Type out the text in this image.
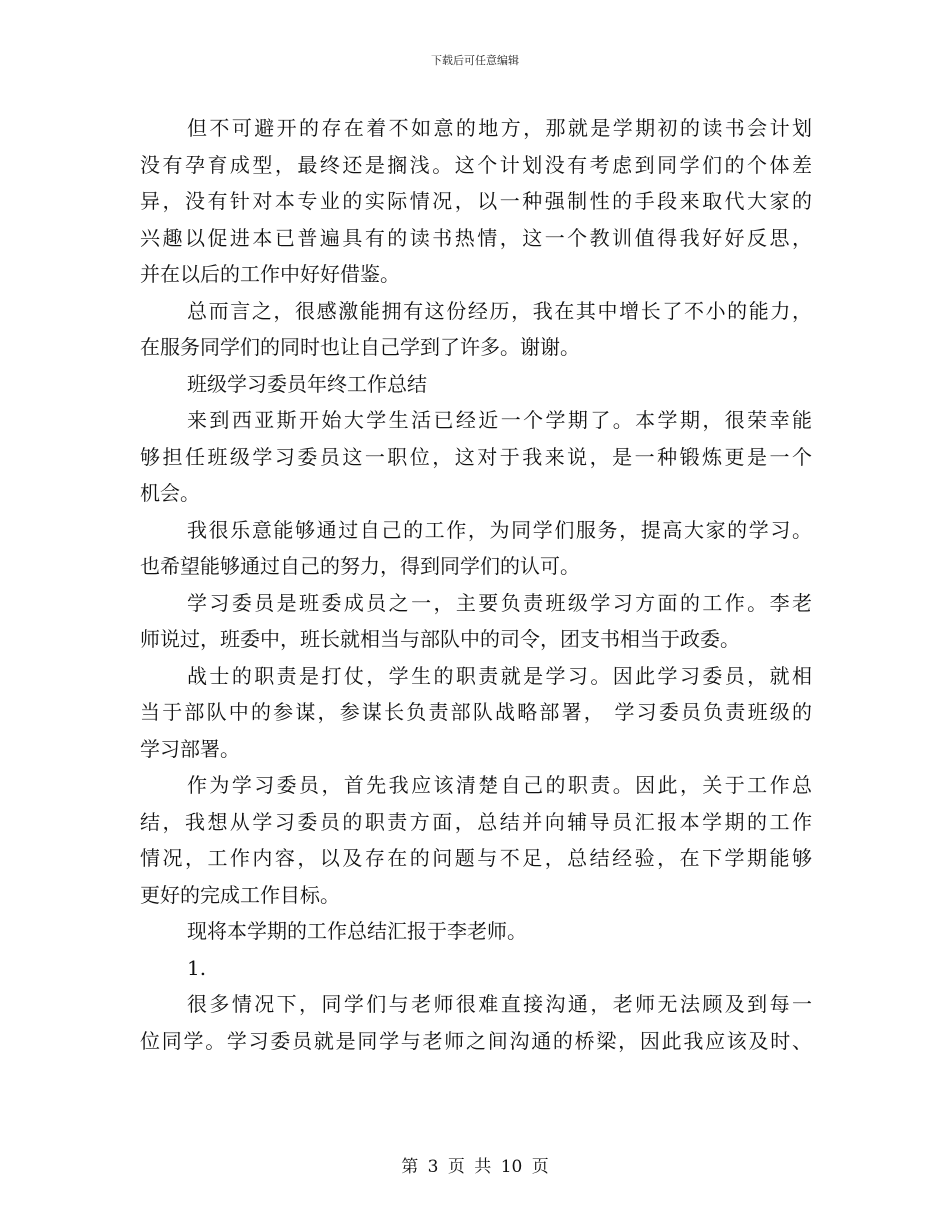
下载后可任意编辑
但不可避开的存在着不如意的地方，那就是学期初的读书会计划
没有孕育成型，最终还是搁浅。这个计划没有考虑到同学们的个体差
异，没有针对本专业的实际情况，以一种强制性的手段来取代大家的
兴趣以促进本已普遍具有的读书热情，这一个教训值得我好好反思，
并在以后的工作中好好借鉴。
总而言之，很感激能拥有这份经历，我在其中增长了不小的能力，
在服务同学们的同时也让自己学到了许多。谢谢。
班级学习委员年终工作总结
来到西亚斯开始大学生活已经近一个学期了。本学期，很荣幸能
够担任班级学习委员这一职位，这对于我来说，是一种锻炼更是一个
机会。
我很乐意能够通过自己的工作，为同学们服务，提高大家的学习。
也希望能够通过自己的努力，得到同学们的认可。
学习委员是班委成员之一，主要负责班级学习方面的工作。李老
师说过，班委中，班长就相当与部队中的司令，团支书相当于政委。
战士的职责是打仗，学生的职责就是学习。因此学习委员，就相
当于部队中的参谋，参谋长负责部队战略部署， 学习委员负责班级的
学习部署。
作为学习委员，首先我应该清楚自己的职责。因此，关于工作总
结，我想从学习委员的职责方面，总结并向辅导员汇报本学期的工作
情况，工作内容，以及存在的问题与不足，总结经验，在下学期能够
更好的完成工作目标。
现将本学期的工作总结汇报于李老师。
1.
很多情况下，同学们与老师很难直接沟通，老师无法顾及到每一
位同学。学习委员就是同学与老师之间沟通的桥梁，因此我应该及时、
第 3 页 共 10 页
